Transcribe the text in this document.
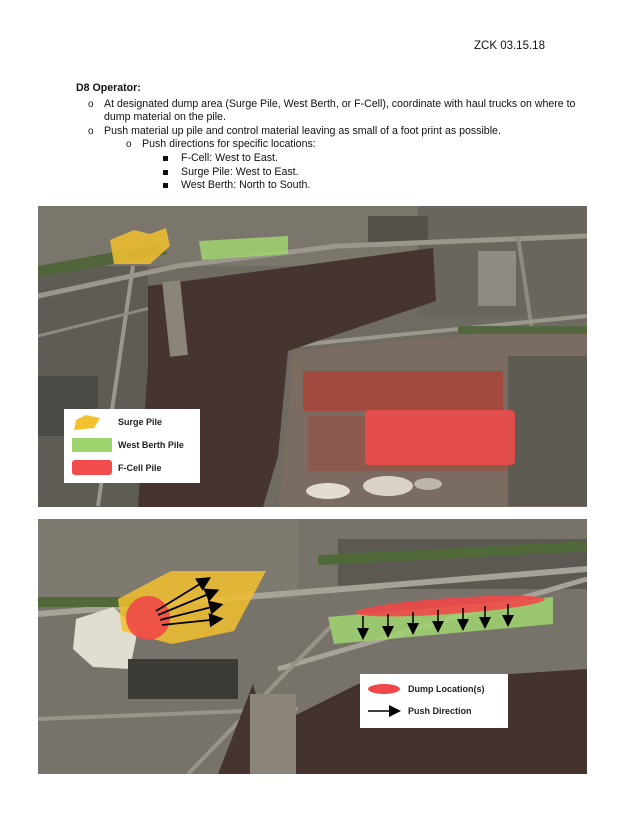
ZCK 03.15.18
D8 Operator:
o At designated dump area (Surge Pile, West Berth, or F-Cell), coordinate with haul trucks on where to dump material on the pile.
o Push material up pile and control material leaving as small of a foot print as possible.
o Push directions for specific locations:
F-Cell: West to East.
Surge Pile: West to East.
West Berth: North to South.
Surge Pile
West Berth Pile
F-Cell Pile
Dump Location(s)
Push Direction
